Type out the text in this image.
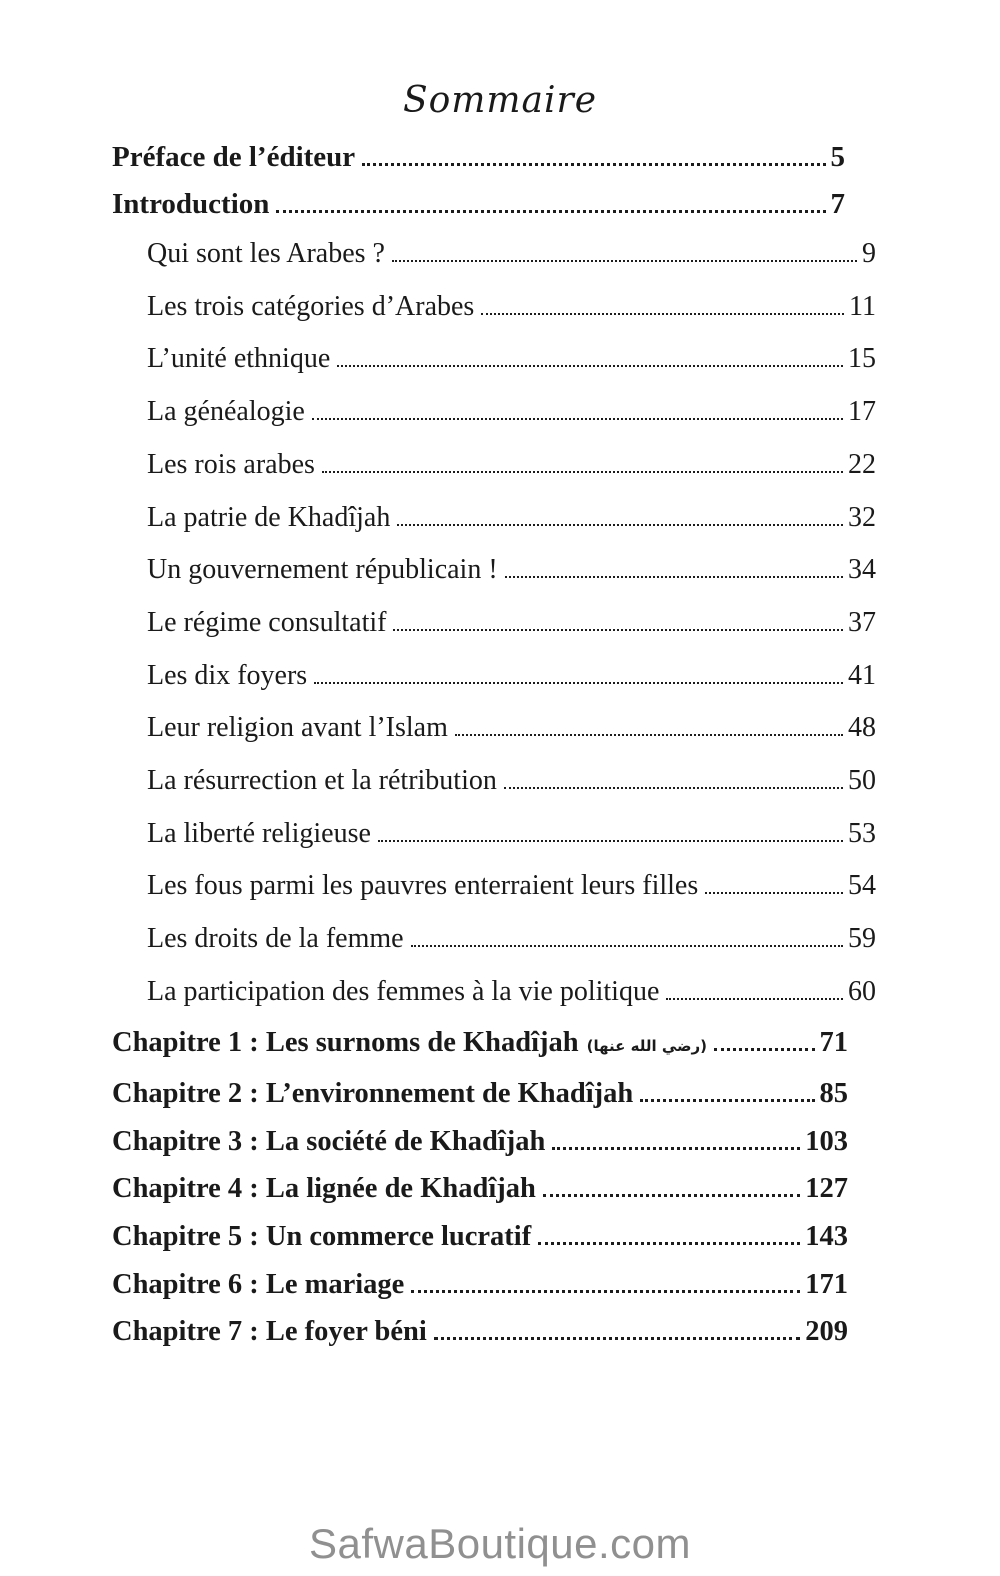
Sommaire
Préface de l’éditeur	5
Introduction	7
Qui sont les Arabes ?	9
Les trois catégories d’Arabes	11
L’unité ethnique	15
La généalogie	17
Les rois arabes	22
La patrie de Khadîjah	32
Un gouvernement républicain !	34
Le régime consultatif	37
Les dix foyers	41
Leur religion avant l’Islam	48
La résurrection et la rétribution	50
La liberté religieuse	53
Les fous parmi les pauvres enterraient leurs filles	54
Les droits de la femme	59
La participation des femmes à la vie politique	60
Chapitre 1 : Les surnoms de Khadîjah (رضي الله عنها)	71
Chapitre 2 : L’environnement de Khadîjah	85
Chapitre 3 : La société de Khadîjah	103
Chapitre 4 : La lignée de Khadîjah	127
Chapitre 5 : Un commerce lucratif	143
Chapitre 6 : Le mariage	171
Chapitre 7 : Le foyer béni	209
SafwaBoutique.com
